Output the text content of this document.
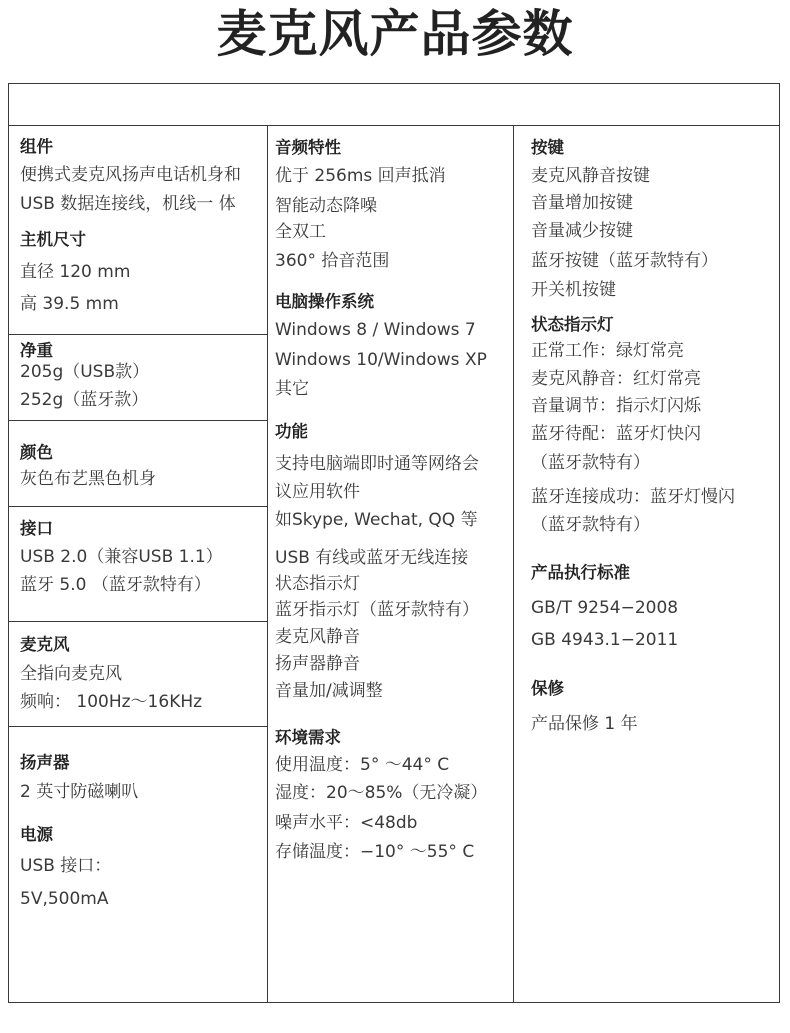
麦克风产品参数
组件
便携式麦克风扬声电话机身和
USB 数据连接线，机线一 体
主机尺寸
直径 120 mm
高 39.5 mm
净重
205g（USB款）
252g（蓝牙款）
颜色
灰色布艺黑色机身
接口
USB 2.0（兼容USB 1.1）
蓝牙 5.0 （蓝牙款特有）
麦克风
全指向麦克风
频响： 100Hz～16KHz
扬声器
2 英寸防磁喇叭
电源
USB 接口：
5V,500mA
音频特性
优于 256ms 回声抵消
智能动态降噪
全双工
360° 拾音范围
电脑操作系统
Windows 8 / Windows 7
Windows 10/Windows XP
其它
功能
支持电脑端即时通等网络会
议应用软件
如Skype, Wechat, QQ 等
USB 有线或蓝牙无线连接
状态指示灯
蓝牙指示灯（蓝牙款特有）
麦克风静音
扬声器静音
音量加/减调整
环境需求
使用温度：5° ～44° C
湿度：20～85%（无冷凝）
噪声水平：<48db
存储温度：−10° ～55° C
按键
麦克风静音按键
音量增加按键
音量减少按键
蓝牙按键（蓝牙款特有）
开关机按键
状态指示灯
正常工作：绿灯常亮
麦克风静音：红灯常亮
音量调节：指示灯闪烁
蓝牙待配：蓝牙灯快闪
（蓝牙款特有）
蓝牙连接成功：蓝牙灯慢闪
（蓝牙款特有）
产品执行标准
GB/T 9254−2008
GB 4943.1−2011
保修
产品保修 1 年
